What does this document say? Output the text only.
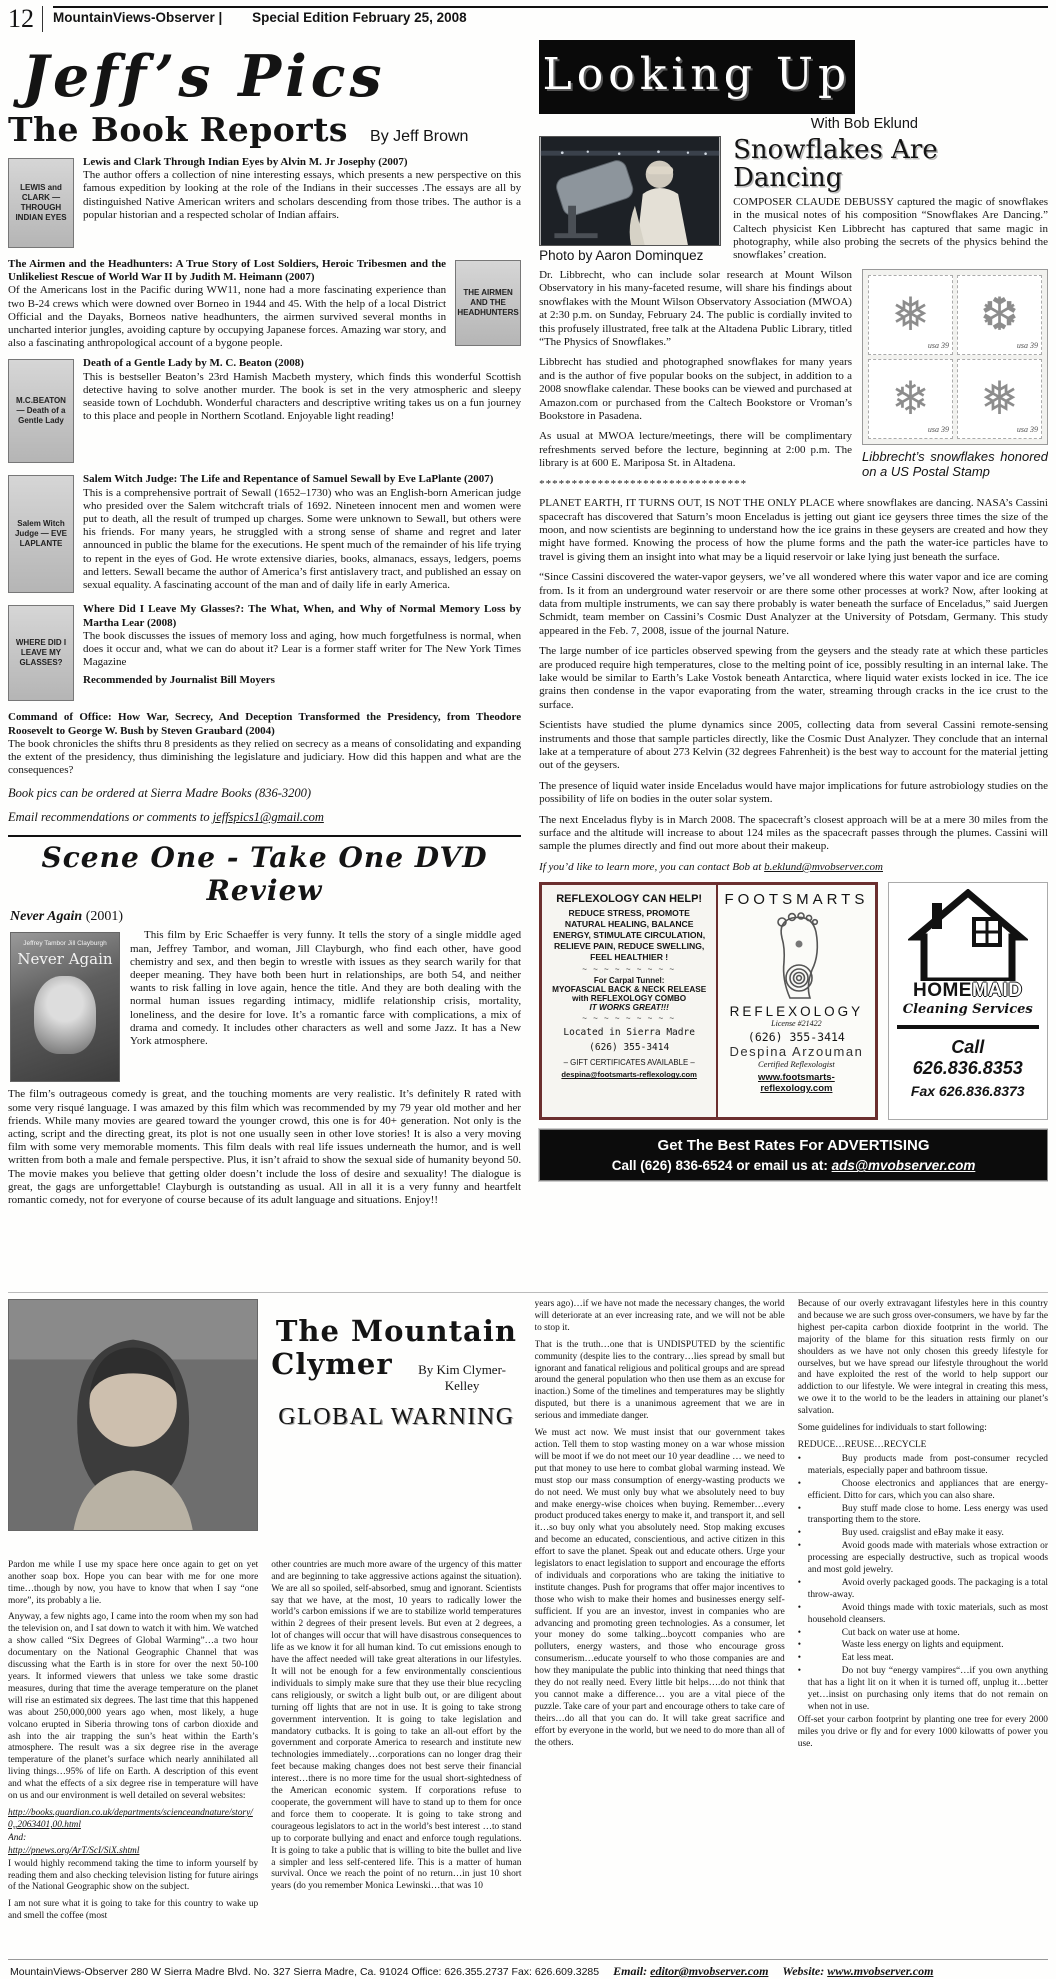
12	MountainViews-Observer | Special Edition February 25, 2008
Jeff’s Pics
The Book Reports By Jeff Brown
LEWIS and CLARK — THROUGH INDIAN EYES
Lewis and Clark Through Indian Eyes by Alvin M. Jr Josephy (2007)
The author offers a collection of nine interesting essays, which presents a new perspective on this famous expedition by looking at the role of the Indians in their successes .The essays are all by distinguished Native American writers and scholars descending from those tribes. The author is a popular historian and a respected scholar of Indian affairs.
THE AIRMEN AND THE HEADHUNTERS
The Airmen and the Headhunters: A True Story of Lost Soldiers, Heroic Tribesmen and the Unlikeliest Rescue of World War II by Judith M. Heimann (2007)
Of the Americans lost in the Pacific during WW11, none had a more fascinating experience than two B-24 crews which were downed over Borneo in 1944 and 45. With the help of a local District Official and the Dayaks, Borneos native headhunters, the airmen survived several months in uncharted interior jungles, avoiding capture by occupying Japanese forces. Amazing war story, and also a fascinating anthropological account of a bygone people.
M.C.BEATON — Death of a Gentle Lady
Death of a Gentle Lady by M. C. Beaton (2008)
This is bestseller Beaton’s 23rd Hamish Macbeth mystery, which finds this wonderful Scottish detective having to solve another murder. The book is set in the very atmospheric and sleepy seaside town of Lochdubh. Wonderful characters and descriptive writing takes us on a fun journey to this place and people in Northern Scotland. Enjoyable light reading!
Salem Witch Judge — EVE LAPLANTE
Salem Witch Judge: The Life and Repentance of Samuel Sewall by Eve LaPlante (2007)
This is a comprehensive portrait of Sewall (1652–1730) who was an English-born American judge who presided over the Salem witchcraft trials of 1692. Nineteen innocent men and women were put to death, all the result of trumped up charges. Some were unknown to Sewall, but others were his friends. For many years, he struggled with a strong sense of shame and regret and later announced in public the blame for the executions. He spent much of the remainder of his life trying to repent in the eyes of God. He wrote extensive diaries, books, almanacs, essays, ledgers, poems and letters. Sewall became the author of America’s first antislavery tract, and published an essay on sexual equality. A fascinating account of the man and of daily life in early America.
WHERE DID I LEAVE MY GLASSES?
Where Did I Leave My Glasses?: The What, When, and Why of Normal Memory Loss by Martha Lear (2008)
The book discusses the issues of memory loss and aging, how much forgetfulness is normal, when does it occur and, what we can do about it? Lear is a former staff writer for The New York Times Magazine
Recommended by Journalist Bill Moyers
Command of Office: How War, Secrecy, And Deception Transformed the Presidency, from Theodore Roosevelt to George W. Bush by Steven Graubard (2004)
The book chronicles the shifts thru 8 presidents as they relied on secrecy as a means of consolidating and expanding the extent of the presidency, thus diminishing the legislature and judiciary. How did this happen and what are the consequences?

Book pics can be ordered at Sierra Madre Books (836-3200)

Email recommendations or comments to jeffspics1@gmail.com

Scene One - Take One DVD Review
Never Again (2001)
Jeffrey Tambor Jill Clayburgh
Never Again

This film by Eric Schaeffer is very funny. It tells the story of a single middle aged man, Jeffrey Tambor, and woman, Jill Clayburgh, who find each other, have good chemistry and sex, and then begin to wrestle with issues as they search warily for that deeper meaning. They have both been hurt in relationships, are both 54, and neither wants to risk falling in love again, hence the title. And they are both dealing with the normal human issues regarding intimacy, midlife relationship crisis, mortality, loneliness, and the desire for love. It’s a romantic farce with complications, a mix of drama and comedy. It includes other characters as well and some Jazz. It has a New York atmosphere.

The film’s outrageous comedy is great, and the touching moments are very realistic. It’s definitely R rated with some very risqué language. I was amazed by this film which was recommended by my 79 year old mother and her friends. While many movies are geared toward the younger crowd, this one is for 40+ generation. Not only is the acting, script and the directing great, its plot is not one usually seen in other love stories! It is also a very moving film with some very memorable moments. This film deals with real life issues underneath the humor, and is well written from both a male and female perspective. Plus, it isn’t afraid to show the sexual side of humanity beyond 50. The movie makes you believe that getting older doesn’t include the loss of desire and sexuality! The dialogue is great, the gags are unforgettable! Clayburgh is outstanding as usual. All in all it is a very funny and heartfelt romantic comedy, not for everyone of course because of its adult language and situations. Enjoy!!

Looking Up
With Bob Eklund
Photo by Aaron Dominquez
Snowflakes Are Dancing

COMPOSER CLAUDE DEBUSSY captured the magic of snowflakes in the musical notes of his composition “Snowflakes Are Dancing.” Caltech physicist Ken Libbrecht has captured that same magic in photography, while also probing the secrets of the physics behind the snowflakes’ creation.

❅
usa 39
❆
usa 39
❄
usa 39
❅
usa 39
Libbrecht’s snowflakes honored on a US Postal Stamp

Dr. Libbrecht, who can include solar research at Mount Wilson Observatory in his many-faceted resume, will share his findings about snowflakes with the Mount Wilson Observatory Association (MWOA) at 2:30 p.m. on Sunday, February 24. The public is cordially invited to this profusely illustrated, free talk at the Altadena Public Library, titled “The Physics of Snowflakes.”

Libbrecht has studied and photographed snowflakes for many years and is the author of five popular books on the subject, in addition to a 2008 snowflake calendar. These books can be viewed and purchased at Amazon.com or purchased from the Caltech Bookstore or Vroman’s Bookstore in Pasadena.

As usual at MWOA lecture/meetings, there will be complimentary refreshments served before the lecture, beginning at 2:00 p.m. The library is at 600 E. Mariposa St. in Altadena.

********************************

PLANET EARTH, IT TURNS OUT, IS NOT THE ONLY PLACE where snowflakes are dancing. NASA’s Cassini spacecraft has discovered that Saturn’s moon Enceladus is jetting out giant ice geysers three times the size of the moon, and now scientists are beginning to understand how the ice grains in these geysers are created and how they might have formed. Knowing the process of how the plume forms and the path the water-ice particles have to travel is giving them an insight into what may be a liquid reservoir or lake lying just beneath the surface.

“Since Cassini discovered the water-vapor geysers, we’ve all wondered where this water vapor and ice are coming from. Is it from an underground water reservoir or are there some other processes at work? Now, after looking at data from multiple instruments, we can say there probably is water beneath the surface of Enceladus,” said Juergen Schmidt, team member on Cassini’s Cosmic Dust Analyzer at the University of Potsdam, Germany. This study appeared in the Feb. 7, 2008, issue of the journal Nature.

The large number of ice particles observed spewing from the geysers and the steady rate at which these particles are produced require high temperatures, close to the melting point of ice, possibly resulting in an internal lake. The lake would be similar to Earth’s Lake Vostok beneath Antarctica, where liquid water exists locked in ice. The ice grains then condense in the vapor evaporating from the water, streaming through cracks in the ice crust to the surface.

Scientists have studied the plume dynamics since 2005, collecting data from several Cassini remote-sensing instruments and those that sample particles directly, like the Cosmic Dust Analyzer. They conclude that an internal lake at a temperature of about 273 Kelvin (32 degrees Fahrenheit) is the best way to account for the material jetting out of the geysers.

The presence of liquid water inside Enceladus would have major implications for future astrobiology studies on the possibility of life on bodies in the outer solar system.

The next Enceladus flyby is in March 2008. The spacecraft’s closest approach will be at a mere 30 miles from the surface and the altitude will increase to about 124 miles as the spacecraft passes through the plumes. Cassini will sample the plumes directly and find out more about their makeup.

If you’d like to learn more, you can contact Bob at b.eklund@mvobserver.com

REFLEXOLOGY CAN HELP!
REDUCE STRESS, PROMOTE NATURAL HEALING, BALANCE ENERGY, STIMULATE CIRCULATION, RELIEVE PAIN, REDUCE SWELLING, FEEL HEALTHIER !
~ ~ ~ ~ ~ ~ ~ ~ ~
For Carpal Tunnel:
MYOFASCIAL BACK & NECK RELEASE with REFLEXOLOGY COMBO
IT WORKS GREAT!!!
~ ~ ~ ~ ~ ~ ~ ~ ~
Located in Sierra Madre
(626) 355-3414
– GIFT CERTIFICATES AVAILABLE –
despina@footsmarts-reflexology.com
FOOTSMARTS
REFLEXOLOGY
License #21422
(626) 355-3414
Despina Arzouman
Certified Reflexologist
www.footsmarts-reflexology.com
HOMEMAID
Cleaning Services
Call 626.836.8353
Fax 626.836.8373
Get The Best Rates For ADVERTISING
Call (626) 836-6524 or email us at: ads@mvobserver.com
The Mountain
Clymer	By Kim Clymer-Kelley
GLOBAL WARNING

Pardon me while I use my space here once again to get on yet another soap box. Hope you can bear with me for one more time…though by now, you have to know that when I say “one more”, its probably a lie.

Anyway, a few nights ago, I came into the room when my son had the television on, and I sat down to watch it with him. We watched a show called “Six Degrees of Global Warming”…a two hour documentary on the National Geographic Channel that was discussing what the Earth is in store for over the next 50-100 years. It informed viewers that unless we take some drastic measures, during that time the average temperature on the planet will rise an estimated six degrees. The last time that this happened was about 250,000,000 years ago when, most likely, a huge volcano erupted in Siberia throwing tons of carbon dioxide and ash into the air trapping the sun’s heat within the Earth’s atmosphere. The result was a six degree rise in the average temperature of the planet’s surface which nearly annihilated all living things…95% of life on Earth. A description of this event and what the effects of a six degree rise in temperature will have on us and our environment is well detailed on several websites:

http://books.guardian.co.uk/departments/scienceandnature/story/0,,2063401,00.html

And:

http://pnews.org/ArT/ScI/SiX.shtml

I would highly recommend taking the time to inform yourself by reading them and also checking television listing for future airings of the National Geographic show on the subject.

I am not sure what it is going to take for this country to wake up and smell the coffee (most

other countries are much more aware of the urgency of this matter and are beginning to take aggressive actions against the situation). We are all so spoiled, self-absorbed, smug and ignorant. Scientists say that we have, at the most, 10 years to radically lower the world’s carbon emissions if we are to stabilize world temperatures within 2 degrees of their present levels. But even at 2 degrees, a lot of changes will occur that will have disastrous consequences to life as we know it for all human kind. To cut emissions enough to have the affect needed will take great alterations in our lifestyles. It will not be enough for a few environmentally conscientious individuals to simply make sure that they use their blue recycling cans religiously, or switch a light bulb out, or are diligent about turning off lights that are not in use. It is going to take strong government intervention. It is going to take legislation and mandatory cutbacks. It is going to take an all-out effort by the government and corporate America to research and institute new technologies immediately…corporations can no longer drag their feet because making changes does not best serve their financial interest…there is no more time for the usual short-sightedness of the American economic system. If corporations refuse to cooperate, the government will have to stand up to them for once and force them to cooperate. It is going to take strong and courageous legislators to act in the world’s best interest …to stand up to corporate bullying and enact and enforce tough regulations. It is going to take a public that is willing to bite the bullet and live a simpler and less self-centered life. This is a matter of human survival. Once we reach the point of no return…in just 10 short years (do you remember Monica Lewinski…that was 10

years ago)…if we have not made the necessary changes, the world will deteriorate at an ever increasing rate, and we will not be able to stop it.

That is the truth…one that is UNDISPUTED by the scientific community (despite lies to the contrary…lies spread by small but ignorant and fanatical religious and political groups and are spread around the general population who then use them as an excuse for inaction.) Some of the timelines and temperatures may be slightly disputed, but there is a unanimous agreement that we are in serious and immediate danger.

We must act now. We must insist that our government takes action. Tell them to stop wasting money on a war whose mission will be moot if we do not meet our 10 year deadline … we need to put that money to use here to combat global warming instead. We must stop our mass consumption of energy-wasting products we do not need. We must only buy what we absolutely need to buy and make energy-wise choices when buying. Remember…every product produced takes energy to make it, and transport it, and sell it…so buy only what you absolutely need. Stop making excuses and become an educated, conscientious, and active citizen in this effort to save the planet. Speak out and educate others. Urge your legislators to enact legislation to support and encourage the efforts of individuals and corporations who are taking the initiative to institute changes. Push for programs that offer major incentives to those who wish to make their homes and businesses energy self-sufficient. If you are an investor, invest in companies who are advancing and promoting green technologies. As a consumer, let your money do some talking...boycott companies who are polluters, energy wasters, and those who encourage gross consumerism…educate yourself to who those companies are and how they manipulate the public into thinking that need things that they do not really need. Every little bit helps….do not think that you cannot make a difference… you are a vital piece of the puzzle. Take care of your part and encourage others to take care of theirs…do all that you can do. It will take great sacrifice and effort by everyone in the world, but we need to do more than all of the others.

Because of our overly extravagant lifestyles here in this country and because we are such gross over-consumers, we have by far the highest per-capita carbon dioxide footprint in the world. The majority of the blame for this situation rests firmly on our shoulders as we have not only chosen this greedy lifestyle for ourselves, but we have spread our lifestyle throughout the world and have exploited the rest of the world to help support our addiction to our lifestyle. We were integral in creating this mess, we owe it to the world to be the leaders in attaining our planet’s salvation.

Some guidelines for individuals to start following:

REDUCE…REUSE…RECYCLE

•	Buy products made from post-consumer recycled materials, especially paper and bathroom tissue.

•	Choose electronics and appliances that are energy-efficient. Ditto for cars, which you can also share.

•	Buy stuff made close to home. Less energy was used transporting them to the store.

•	Buy used. craigslist and eBay make it easy.

•	Avoid goods made with materials whose extraction or processing are especially destructive, such as tropical woods and most gold jewelry.

•	Avoid overly packaged goods. The packaging is a total throw-away.

•	Avoid things made with toxic materials, such as most household cleansers.

•	Cut back on water use at home.

•	Waste less energy on lights and equipment.

•	Eat less meat.

•	Do not buy “energy vampires“…if you own anything that has a light lit on it when it is turned off, unplug it…better yet…insist on purchasing only items that do not remain on when not in use.

Off-set your carbon footprint by planting one tree for every 2000 miles you drive or fly and for every 1000 kilowatts of power you use.

MountainViews-Observer 280 W Sierra Madre Blvd. No. 327 Sierra Madre, Ca. 91024 Office: 626.355.2737 Fax: 626.609.3285 Email: editor@mvobserver.com Website: www.mvobserver.com
